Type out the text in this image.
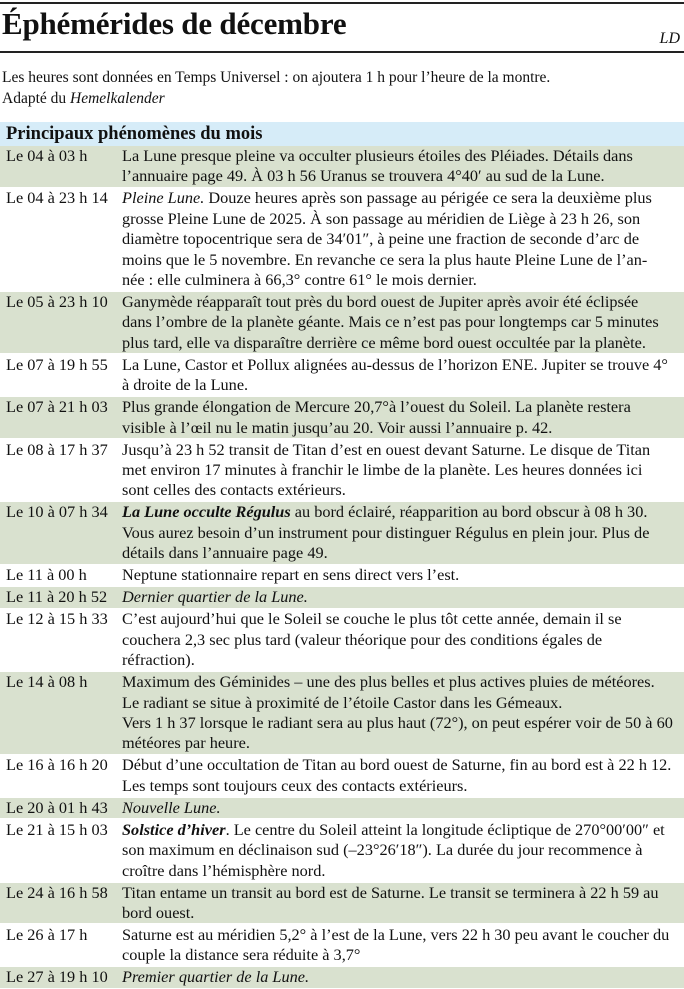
Éphémérides de décembre	LD
Les heures sont données en Temps Universel : on ajoutera 1 h pour l’heure de la montre.
Adapté du Hemelkalender
Principaux phénomènes du mois
Le 04 à 03 h	La Lune presque pleine va occulter plusieurs étoiles des Pléiades. Détails dans
l’annuaire page 49. À 03 h 56 Uranus se trouvera 4°40′ au sud de la Lune.
Le 04 à 23 h 14 Pleine Lune. Douze heures après son passage au périgée ce sera la deuxième plus
grosse Pleine Lune de 2025. À son passage au méridien de Liège à 23 h 26, son
diamètre topocentrique sera de 34′01″, à peine une fraction de seconde d’arc de
moins que le 5 novembre. En revanche ce sera la plus haute Pleine Lune de l’an-
née : elle culminera à 66,3° contre 61° le mois dernier.
Le 05 à 23 h 10 Ganymède réapparaît tout près du bord ouest de Jupiter après avoir été éclipsée
dans l’ombre de la planète géante. Mais ce n’est pas pour longtemps car 5 minutes
plus tard, elle va disparaître derrière ce même bord ouest occultée par la planète.
Le 07 à 19 h 55 La Lune, Castor et Pollux alignées au-dessus de l’horizon ENE. Jupiter se trouve 4°
à droite de la Lune.
Le 07 à 21 h 03 Plus grande élongation de Mercure 20,7°à l’ouest du Soleil. La planète restera
visible à l’œil nu le matin jusqu’au 20. Voir aussi l’annuaire p. 42.
Le 08 à 17 h 37 Jusqu’à 23 h 52 transit de Titan d’est en ouest devant Saturne. Le disque de Titan
met environ 17 minutes à franchir le limbe de la planète. Les heures données ici
sont celles des contacts extérieurs.
Le 10 à 07 h 34 La Lune occulte Régulus au bord éclairé, réapparition au bord obscur à 08 h 30.
Vous aurez besoin d’un instrument pour distinguer Régulus en plein jour. Plus de
détails dans l’annuaire page 49.
Le 11 à 00 h	Neptune stationnaire repart en sens direct vers l’est.
Le 11 à 20 h 52 Dernier quartier de la Lune.
Le 12 à 15 h 33 C’est aujourd’hui que le Soleil se couche le plus tôt cette année, demain il se
couchera 2,3 sec plus tard (valeur théorique pour des conditions égales de
réfraction).
Le 14 à 08 h	Maximum des Géminides – une des plus belles et plus actives pluies de météores.
Le radiant se situe à proximité de l’étoile Castor dans les Gémeaux.
Vers 1 h 37 lorsque le radiant sera au plus haut (72°), on peut espérer voir de 50 à 60
météores par heure.
Le 16 à 16 h 20 Début d’une occultation de Titan au bord ouest de Saturne, fin au bord est à 22 h 12.
Les temps sont toujours ceux des contacts extérieurs.
Le 20 à 01 h 43 Nouvelle Lune.
Le 21 à 15 h 03 Solstice d’hiver. Le centre du Soleil atteint la longitude écliptique de 270°00′00″ et
son maximum en déclinaison sud (–23°26′18″). La durée du jour recommence à
croître dans l’hémisphère nord.
Le 24 à 16 h 58 Titan entame un transit au bord est de Saturne. Le transit se terminera à 22 h 59 au
bord ouest.
Le 26 à 17 h	Saturne est au méridien 5,2° à l’est de la Lune, vers 22 h 30 peu avant le coucher du
couple la distance sera réduite à 3,7°
Le 27 à 19 h 10 Premier quartier de la Lune.
